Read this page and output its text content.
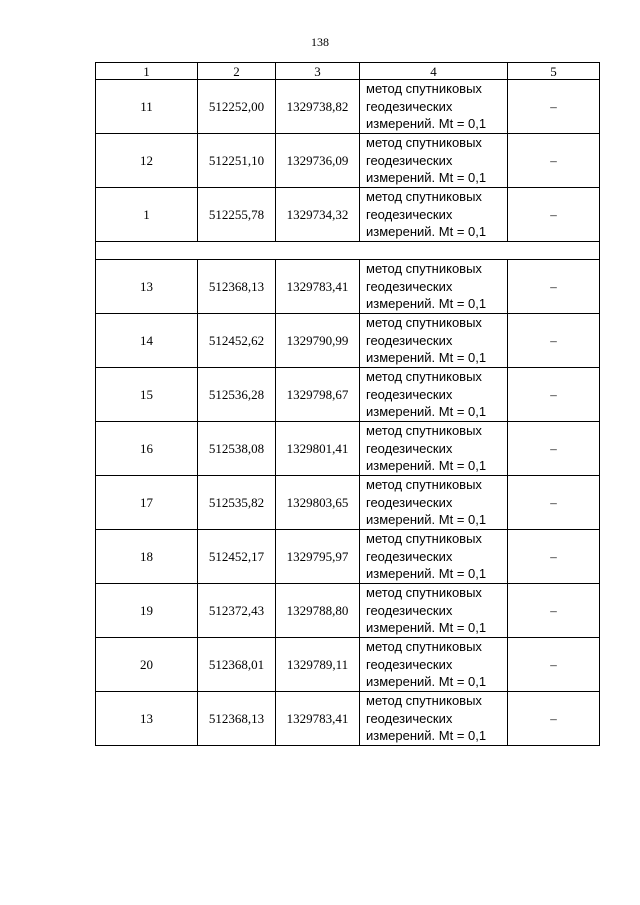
138
1	2	3	4	5
11	512252,00	1329738,82	метод спутниковых
геодезических
измерений. Mt = 0,1	–
12	512251,10	1329736,09	метод спутниковых
геодезических
измерений. Mt = 0,1	–
1	512255,78	1329734,32	метод спутниковых
геодезических
измерений. Mt = 0,1	–

13	512368,13	1329783,41	метод спутниковых
геодезических
измерений. Mt = 0,1	–
14	512452,62	1329790,99	метод спутниковых
геодезических
измерений. Mt = 0,1	–
15	512536,28	1329798,67	метод спутниковых
геодезических
измерений. Mt = 0,1	–
16	512538,08	1329801,41	метод спутниковых
геодезических
измерений. Mt = 0,1	–
17	512535,82	1329803,65	метод спутниковых
геодезических
измерений. Mt = 0,1	–
18	512452,17	1329795,97	метод спутниковых
геодезических
измерений. Mt = 0,1	–
19	512372,43	1329788,80	метод спутниковых
геодезических
измерений. Mt = 0,1	–
20	512368,01	1329789,11	метод спутниковых
геодезических
измерений. Mt = 0,1	–
13	512368,13	1329783,41	метод спутниковых
геодезических
измерений. Mt = 0,1	–
